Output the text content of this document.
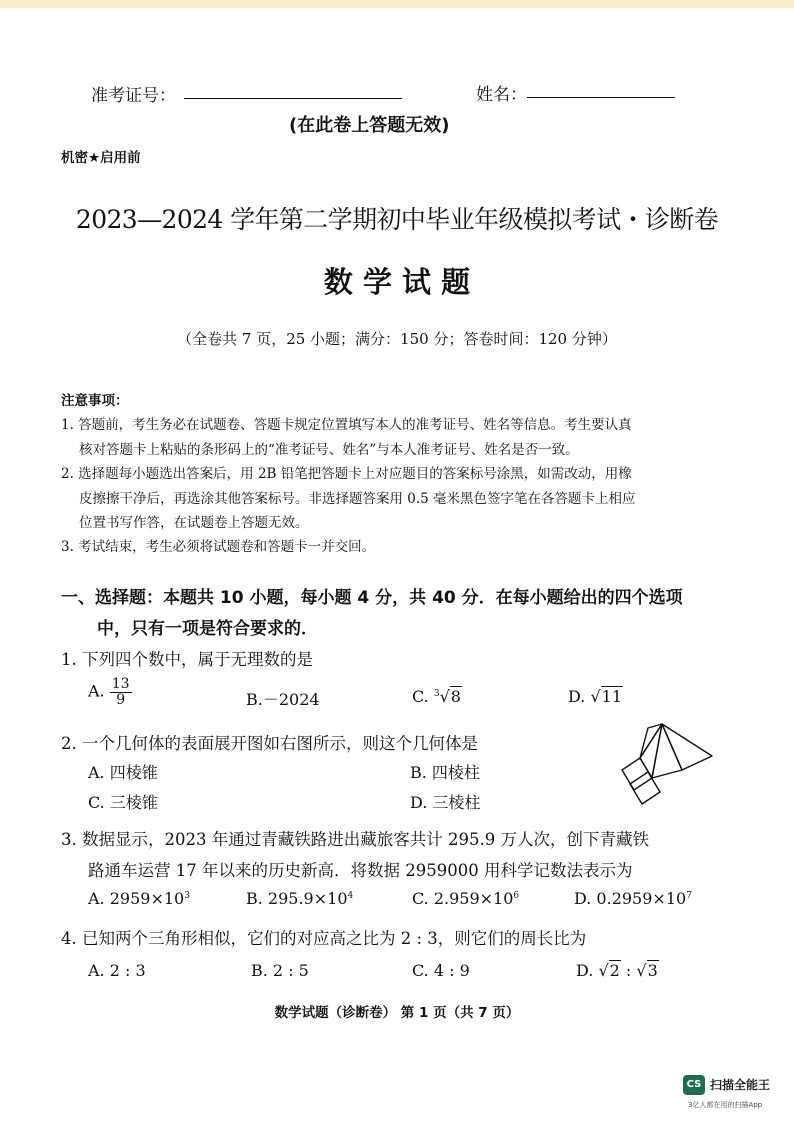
准考证号：	姓名：
(在此卷上答题无效)
机密★启用前
2023—2024 学年第二学期初中毕业年级模拟考试・诊断卷
数 学 试 题
（全卷共 7 页，25 小题；满分：150 分；答卷时间：120 分钟）
注意事项：
1. 答题前，考生务必在试题卷、答题卡规定位置填写本人的准考证号、姓名等信息。考生要认真
核对答题卡上粘贴的条形码上的“准考证号、姓名”与本人准考证号、姓名是否一致。
2. 选择题每小题选出答案后，用 2B 铅笔把答题卡上对应题目的答案标号涂黑，如需改动，用橡
皮擦擦干净后，再选涂其他答案标号。非选择题答案用 0.5 毫米黑色签字笔在各答题卡上相应
位置书写作答，在试题卷上答题无效。
3. 考试结束，考生必须将试题卷和答题卡一并交回。
一、选择题：本题共 10 小题，每小题 4 分，共 40 分．在每小题给出的四个选项
中，只有一项是符合要求的．
1. 下列四个数中，属于无理数的是
A. $\frac{13}{9}$	B.－2024	C. $^3$√8	D. √11
2. 一个几何体的表面展开图如右图所示，则这个几何体是
A. 四棱锥	B. 四棱柱
C. 三棱锥	D. 三棱柱
3. 数据显示，2023 年通过青藏铁路进出藏旅客共计 295.9 万人次，创下青藏铁
路通车运营 17 年以来的历史新高．将数据 2959000 用科学记数法表示为
A. $2959\times 10^3$	B. $295.9\times 10^4$	C. $2.959\times 10^6$	D. $0.2959\times 10^7$
4. 已知两个三角形相似，它们的对应高之比为 2 : 3，则它们的周长比为
A. 2 : 3	B. 2 : 5	C. 4 : 9	D. √2 : √3
数学试题（诊断卷） 第 1 页（共 7 页）
CS 扫描全能王
3亿人都在用的扫描App
